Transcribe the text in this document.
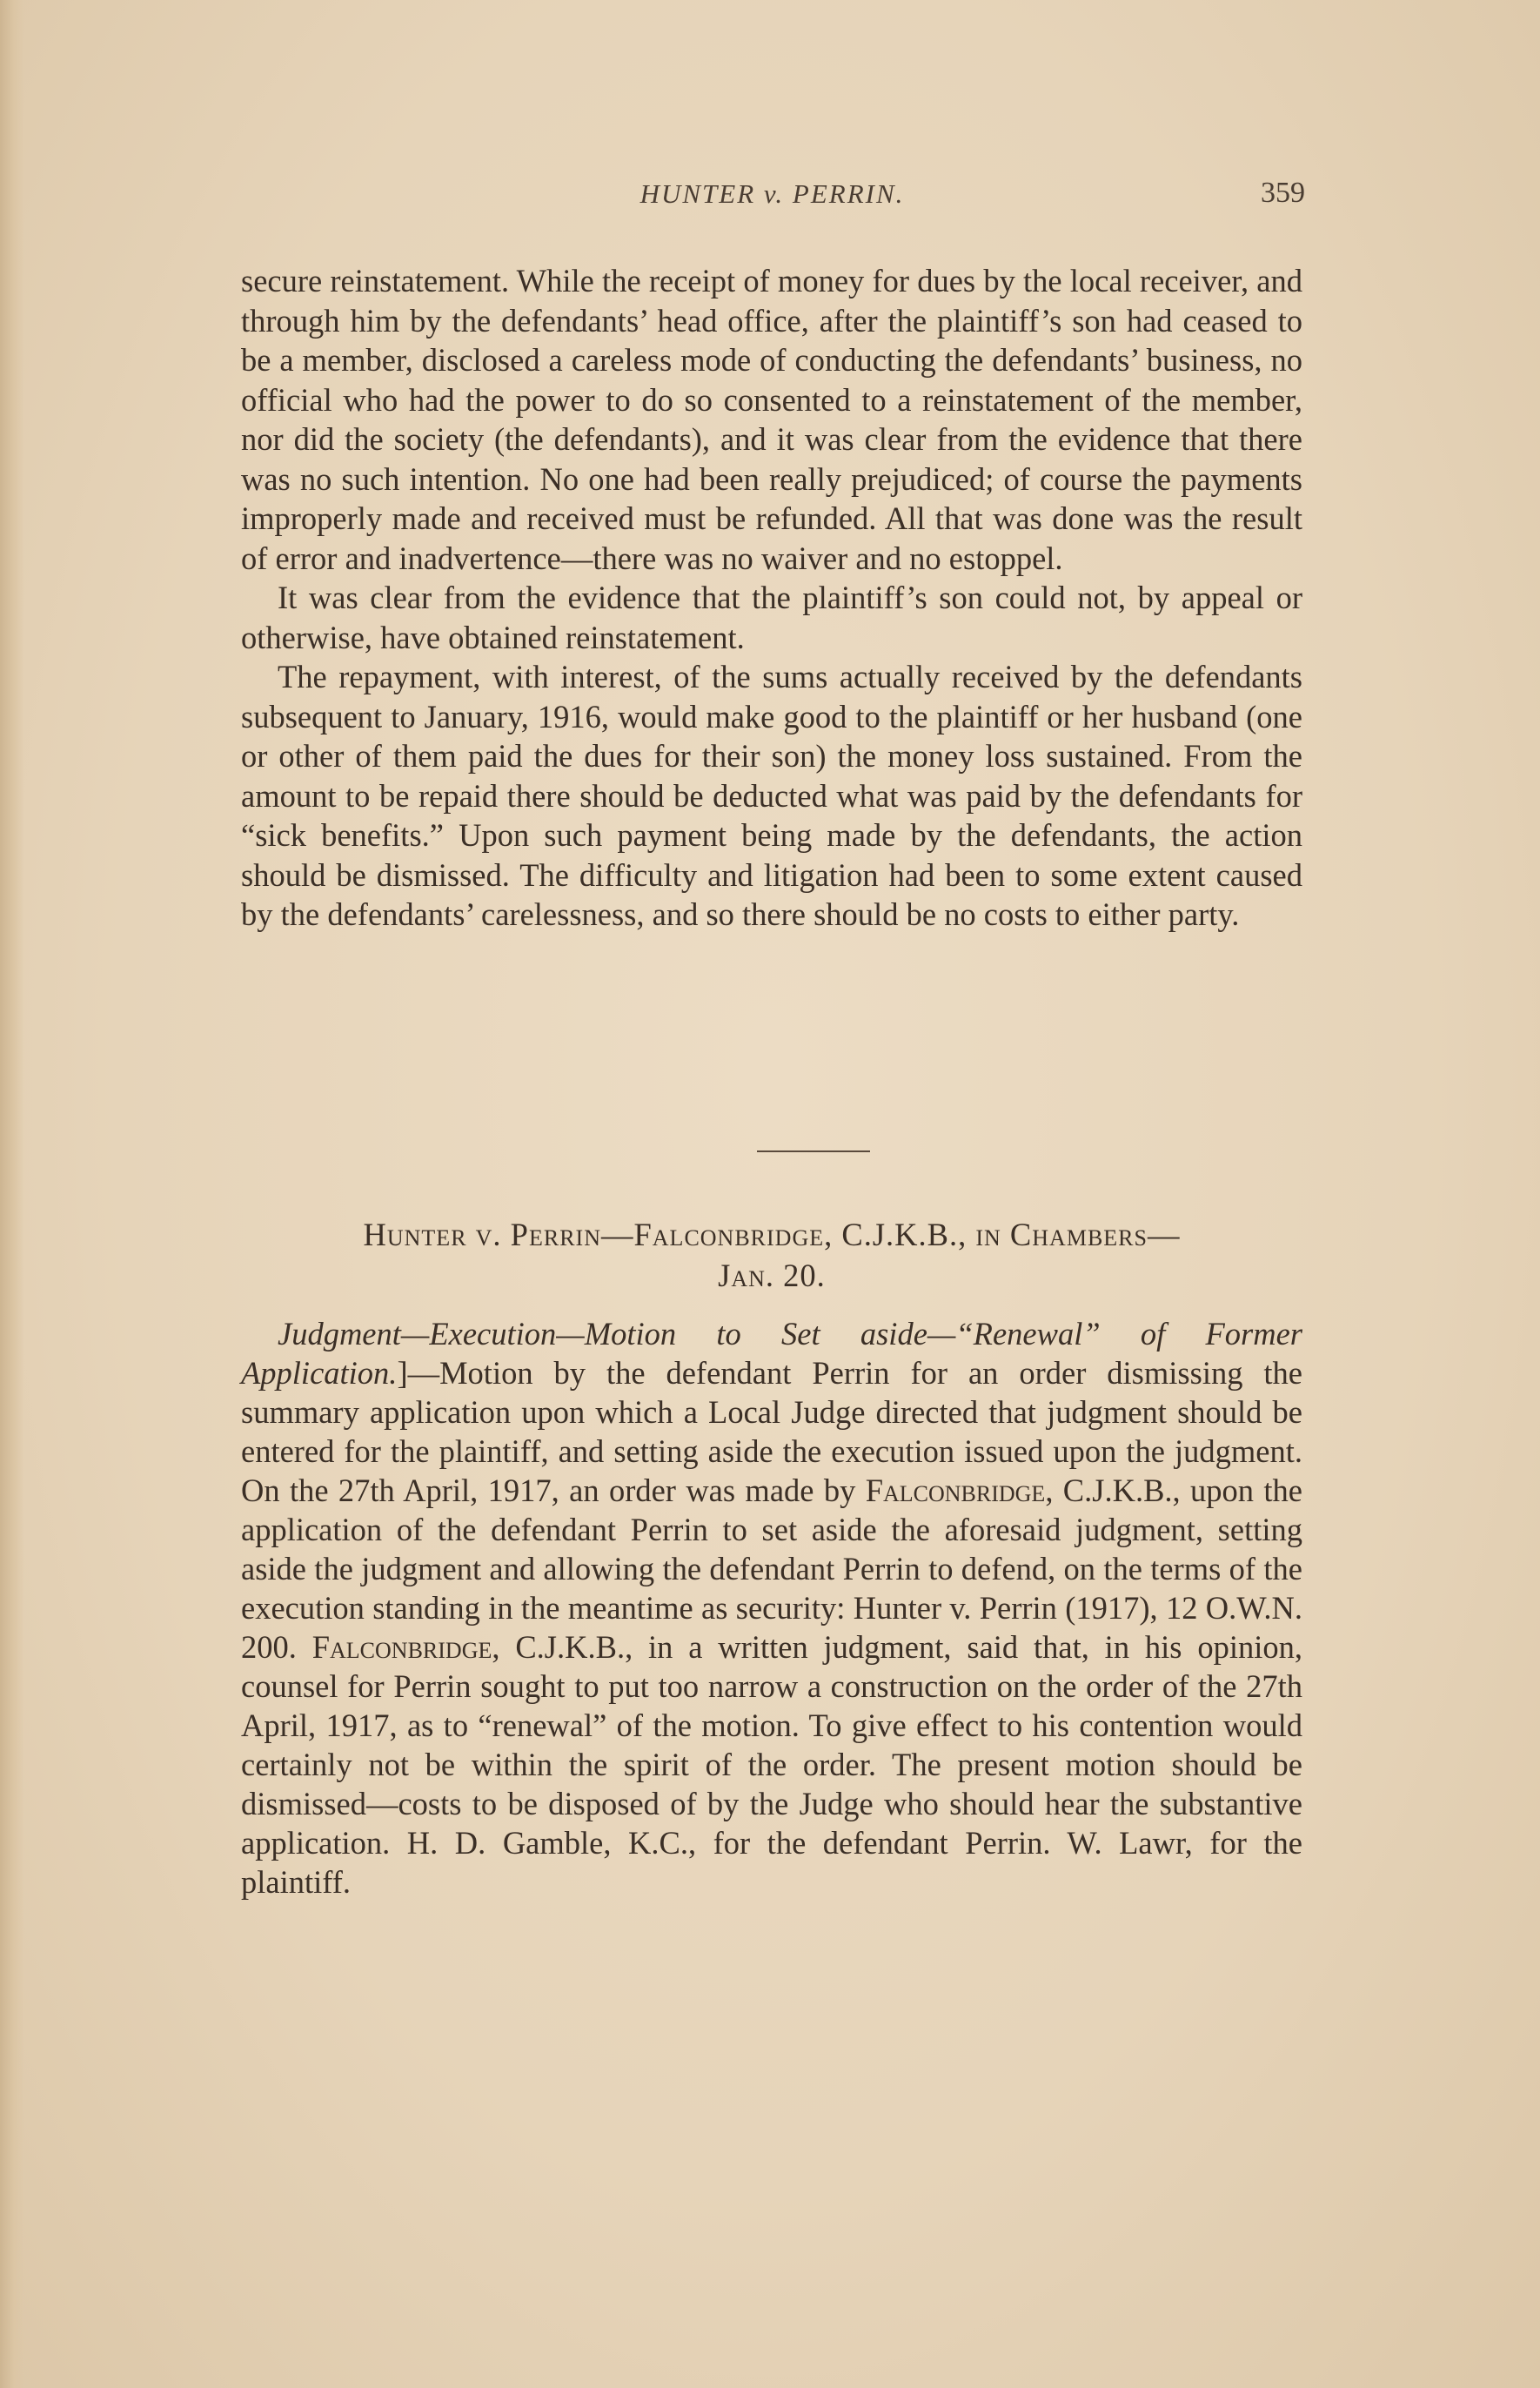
HUNTER v. PERRIN.	359

secure reinstatement. While the receipt of money for dues by the local receiver, and through him by the defendants’ head office, after the plaintiff’s son had ceased to be a member, disclosed a careless mode of conducting the defendants’ business, no official who had the power to do so consented to a reinstatement of the member, nor did the society (the defendants), and it was clear from the evidence that there was no such intention. No one had been really prejudiced; of course the payments improperly made and received must be refunded. All that was done was the result of error and inadvertence—there was no waiver and no estoppel.

It was clear from the evidence that the plaintiff’s son could not, by appeal or otherwise, have obtained reinstatement.

The repayment, with interest, of the sums actually received by the defendants subsequent to January, 1916, would make good to the plaintiff or her husband (one or other of them paid the dues for their son) the money loss sustained. From the amount to be repaid there should be deducted what was paid by the defendants for “sick benefits.” Upon such payment being made by the defendants, the action should be dismissed. The difficulty and litigation had been to some extent caused by the defendants’ carelessness, and so there should be no costs to either party.

Hunter v. Perrin—Falconbridge, C.J.K.B., in Chambers—
Jan. 20.

Judgment—Execution—Motion to Set aside—“Renewal” of Former Application.]—Motion by the defendant Perrin for an order dismissing the summary application upon which a Local Judge directed that judgment should be entered for the plaintiff, and setting aside the execution issued upon the judgment. On the 27th April, 1917, an order was made by Falconbridge, C.J.K.B., upon the application of the defendant Perrin to set aside the aforesaid judgment, setting aside the judgment and allowing the defendant Perrin to defend, on the terms of the execution standing in the meantime as security: Hunter v. Perrin (1917), 12 O.W.N. 200. Falconbridge, C.J.K.B., in a written judgment, said that, in his opinion, counsel for Perrin sought to put too narrow a construction on the order of the 27th April, 1917, as to “renewal” of the motion. To give effect to his contention would certainly not be within the spirit of the order. The present motion should be dismissed—costs to be disposed of by the Judge who should hear the substantive application. H. D. Gamble, K.C., for the defendant Perrin. W. Lawr, for the plaintiff.
